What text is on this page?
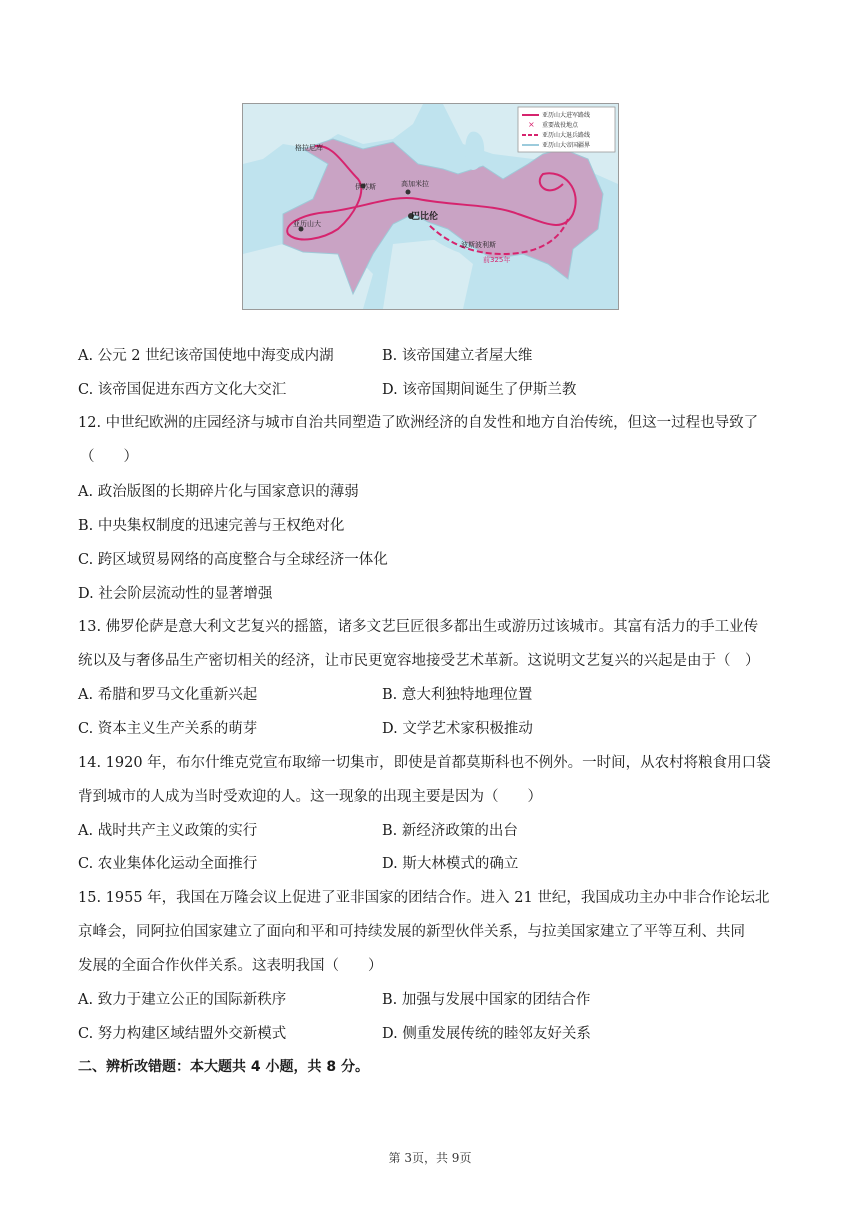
×
亚历山大进军路线
重要战役地点
亚历山大退兵路线
亚历山大帝国疆界
格拉尼库
伊苏斯	高加米拉
巴比伦
亚历山大
波斯波利斯
前325年
A. 公元 2 世纪该帝国使地中海变成内湖	B. 该帝国建立者屋大维
C. 该帝国促进东西方文化大交汇	D. 该帝国期间诞生了伊斯兰教
12. 中世纪欧洲的庄园经济与城市自治共同塑造了欧洲经济的自发性和地方自治传统，但这一过程也导致了
（　　）
A. 政治版图的长期碎片化与国家意识的薄弱
B. 中央集权制度的迅速完善与王权绝对化
C. 跨区域贸易网络的高度整合与全球经济一体化
D. 社会阶层流动性的显著增强
13. 佛罗伦萨是意大利文艺复兴的摇篮，诸多文艺巨匠很多都出生或游历过该城市。其富有活力的手工业传
统以及与奢侈品生产密切相关的经济，让市民更宽容地接受艺术革新。这说明文艺复兴的兴起是由于（　）
A. 希腊和罗马文化重新兴起	B. 意大利独特地理位置
C. 资本主义生产关系的萌芽	D. 文学艺术家积极推动
14. 1920 年，布尔什维克党宣布取缔一切集市，即使是首都莫斯科也不例外。一时间，从农村将粮食用口袋
背到城市的人成为当时受欢迎的人。这一现象的出现主要是因为（　　）
A. 战时共产主义政策的实行	B. 新经济政策的出台
C. 农业集体化运动全面推行	D. 斯大林模式的确立
15. 1955 年，我国在万隆会议上促进了亚非国家的团结合作。进入 21 世纪，我国成功主办中非合作论坛北
京峰会，同阿拉伯国家建立了面向和平和可持续发展的新型伙伴关系，与拉美国家建立了平等互利、共同
发展的全面合作伙伴关系。这表明我国（　　）
A. 致力于建立公正的国际新秩序	B. 加强与发展中国家的团结合作
C. 努力构建区域结盟外交新模式	D. 侧重发展传统的睦邻友好关系
二、辨析改错题：本大题共 4 小题，共 8 分。
第 3页，共 9页
